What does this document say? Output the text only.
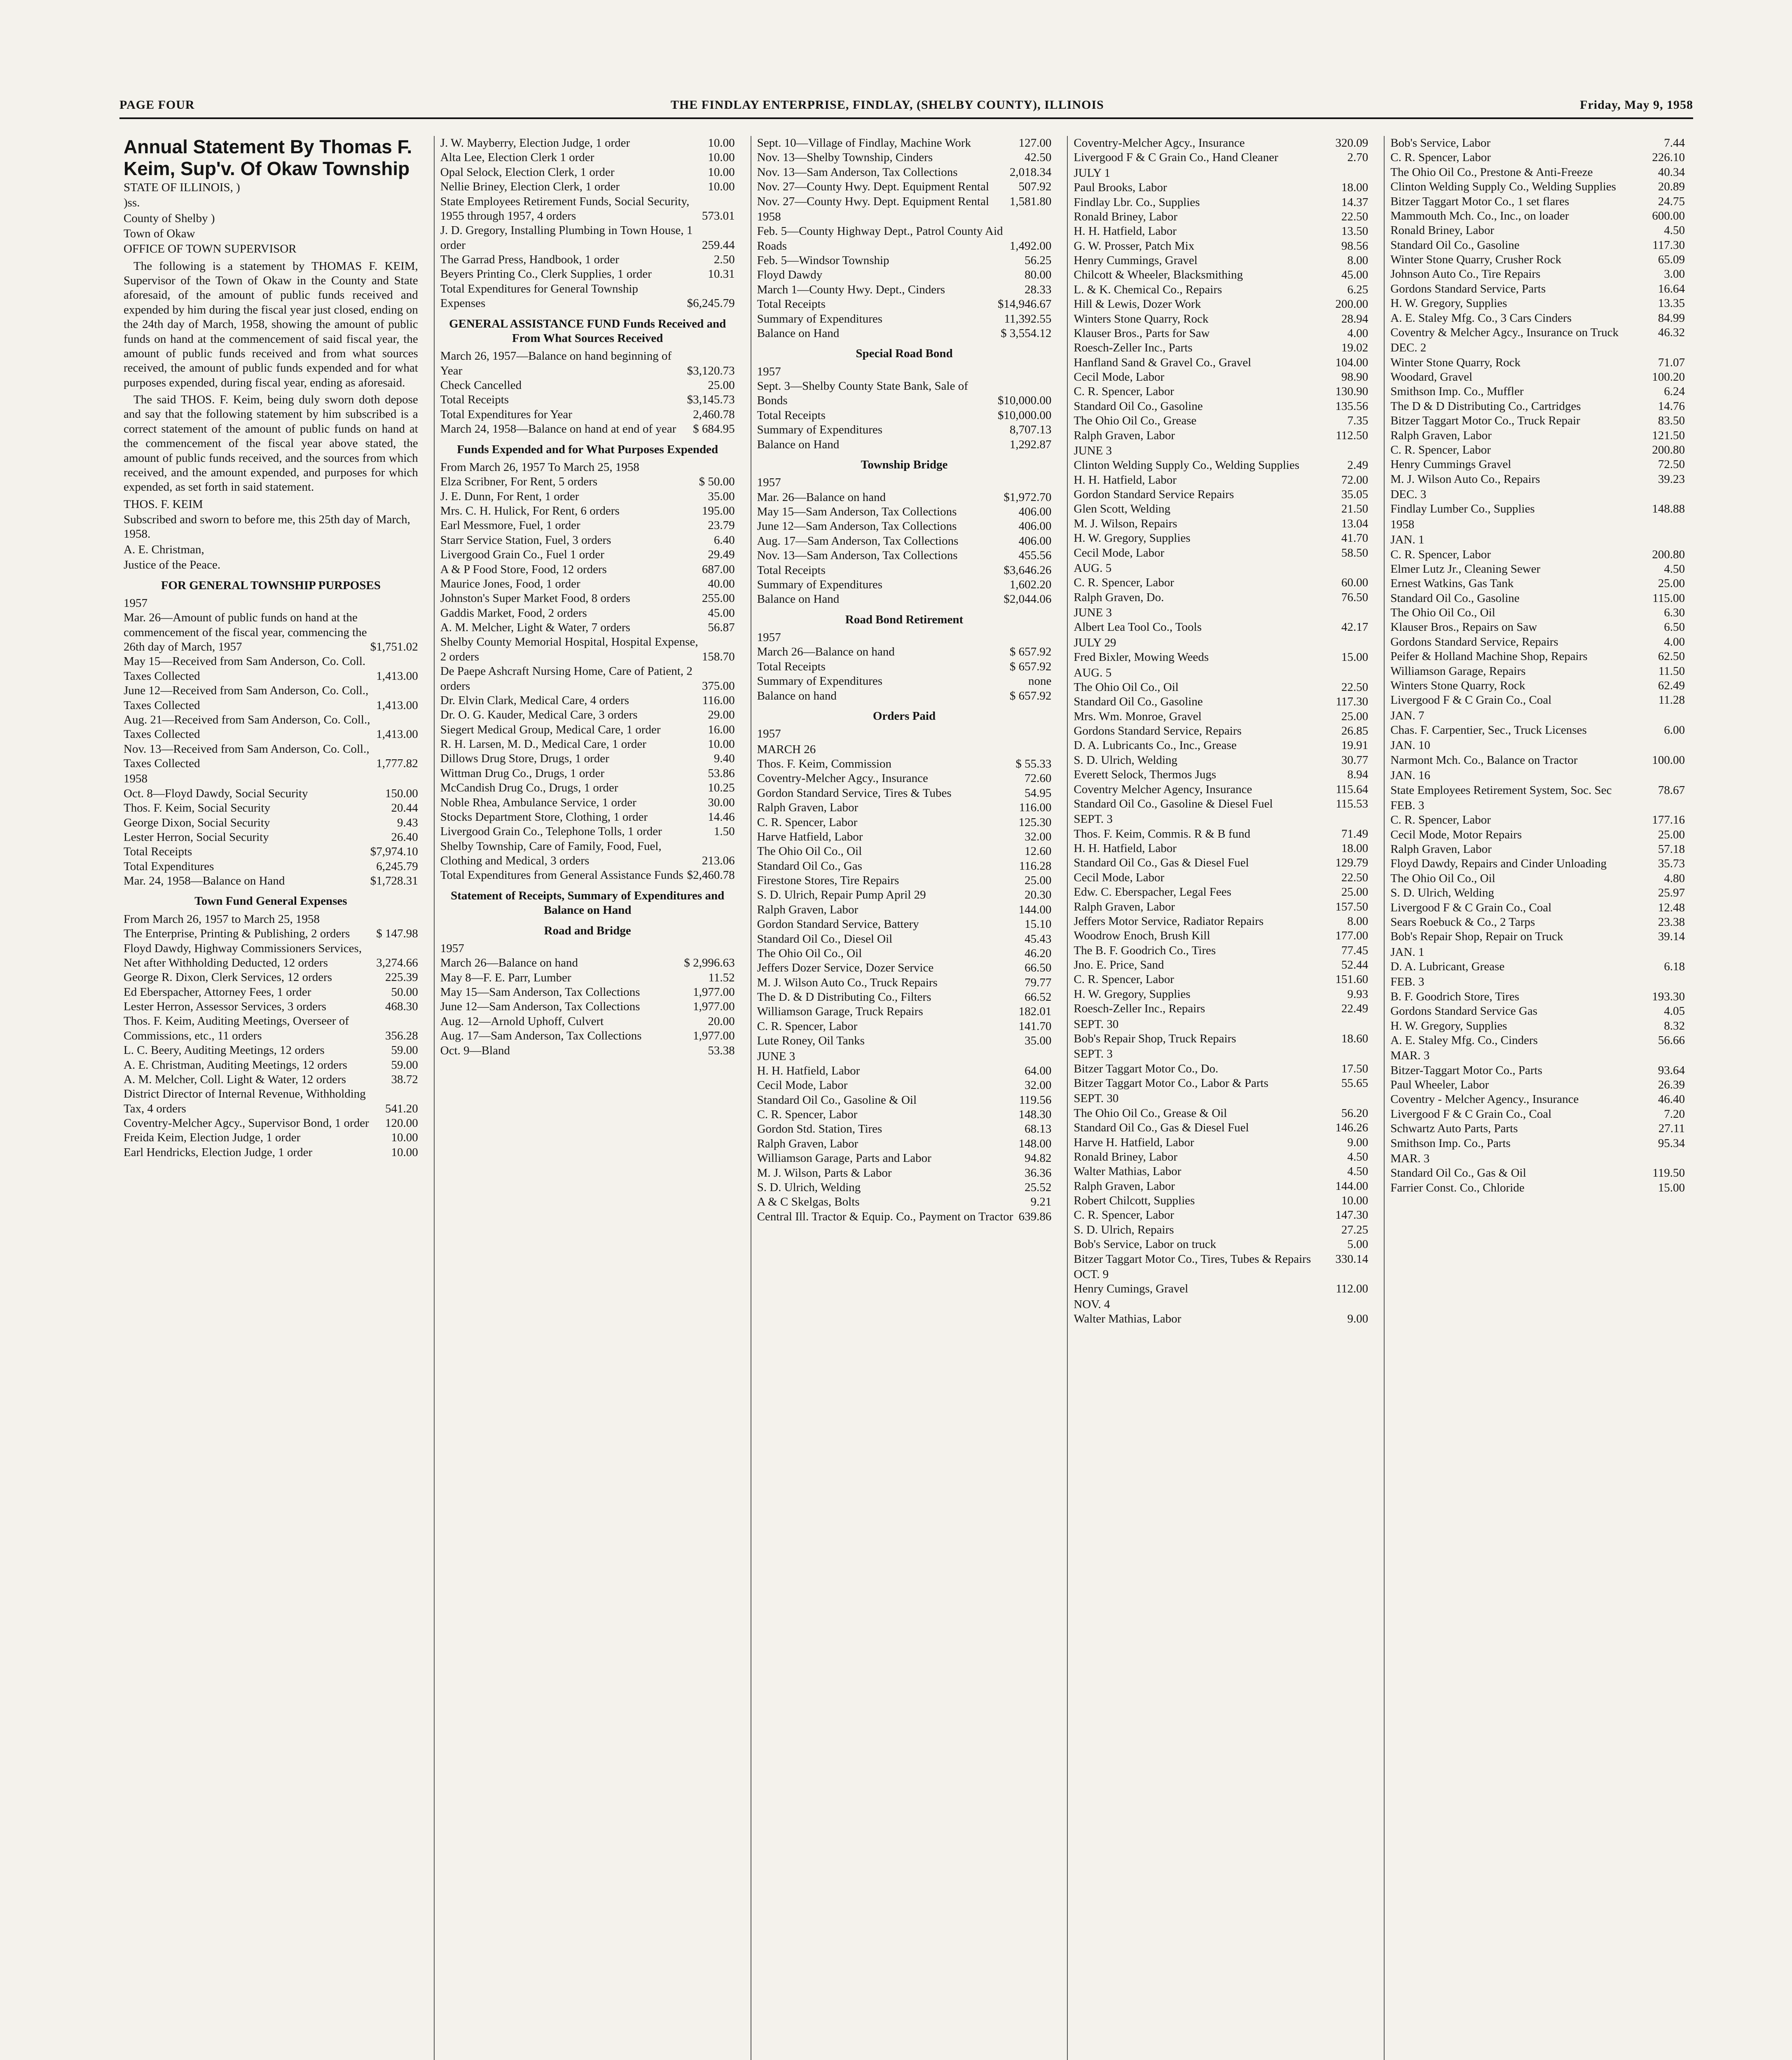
PAGE FOUR	THE FINDLAY ENTERPRISE, FINDLAY, (SHELBY COUNTY), ILLINOIS	Friday, May 9, 1958
Annual Statement By Thomas F. Keim, Sup'v. Of Okaw Township
STATE OF ILLINOIS, )
)ss.
County of Shelby )
Town of Okaw
OFFICE OF TOWN SUPERVISOR
The following is a statement by THOMAS F. KEIM, Supervisor of the Town of Okaw in the County and State aforesaid, of the amount of public funds received and expended by him during the fiscal year just closed, ending on the 24th day of March, 1958, showing the amount of public funds on hand at the commencement of said fiscal year, the amount of public funds received and from what sources received, the amount of public funds expended and for what purposes expended, during fiscal year, ending as aforesaid.
The said THOS. F. Keim, being duly sworn doth depose and say that the following statement by him subscribed is a correct statement of the amount of public funds on hand at the commencement of the fiscal year above stated, the amount of public funds received, and the sources from which received, and the amount expended, and purposes for which expended, as set forth in said statement.
THOS. F. KEIM
Subscribed and sworn to before me, this 25th day of March, 1958.
A. E. Christman,
Justice of the Peace.
FOR GENERAL TOWNSHIP PURPOSES
1957
Mar. 26—Amount of public funds on hand at the commencement of the fiscal year, commencing the 26th day of March, 1957	$1,751.02
May 15—Received from Sam Anderson, Co. Coll. Taxes Collected	1,413.00
June 12—Received from Sam Anderson, Co. Coll., Taxes Collected	1,413.00
Aug. 21—Received from Sam Anderson, Co. Coll., Taxes Collected	1,413.00
Nov. 13—Received from Sam Anderson, Co. Coll., Taxes Collected	1,777.82
1958
Oct. 8—Floyd Dawdy, Social Security	150.00
Thos. F. Keim, Social Security	20.44
George Dixon, Social Security	9.43
Lester Herron, Social Security	26.40
Total Receipts	$7,974.10
Total Expenditures	6,245.79
Mar. 24, 1958—Balance on Hand	$1,728.31
Town Fund General Expenses
From March 26, 1957 to March 25, 1958
The Enterprise, Printing & Publishing, 2 orders	$ 147.98
Floyd Dawdy, Highway Commissioners Services, Net after Withholding Deducted, 12 orders	3,274.66
George R. Dixon, Clerk Services, 12 orders	225.39
Ed Eberspacher, Attorney Fees, 1 order	50.00
Lester Herron, Assessor Services, 3 orders	468.30
Thos. F. Keim, Auditing Meetings, Overseer of Commissions, etc., 11 orders	356.28
L. C. Beery, Auditing Meetings, 12 orders	59.00
A. E. Christman, Auditing Meetings, 12 orders	59.00
A. M. Melcher, Coll. Light & Water, 12 orders	38.72
District Director of Internal Revenue, Withholding Tax, 4 orders	541.20
Coventry-Melcher Agcy., Supervisor Bond, 1 order	120.00
Freida Keim, Election Judge, 1 order	10.00
Earl Hendricks, Election Judge, 1 order	10.00
J. W. Mayberry, Election Judge, 1 order	10.00
Alta Lee, Election Clerk 1 order	10.00
Opal Selock, Election Clerk, 1 order	10.00
Nellie Briney, Election Clerk, 1 order	10.00
State Employees Retirement Funds, Social Security, 1955 through 1957, 4 orders	573.01
J. D. Gregory, Installing Plumbing in Town House, 1 order	259.44
The Garrad Press, Handbook, 1 order	2.50
Beyers Printing Co., Clerk Supplies, 1 order	10.31
Total Expenditures for General Township Expenses	$6,245.79
GENERAL ASSISTANCE FUND Funds Received and From What Sources Received
March 26, 1957—Balance on hand beginning of Year	$3,120.73
Check Cancelled	25.00
Total Receipts	$3,145.73
Total Expenditures for Year	2,460.78
March 24, 1958—Balance on hand at end of year	$ 684.95
Funds Expended and for What Purposes Expended
From March 26, 1957 To March 25, 1958
Elza Scribner, For Rent, 5 orders	$ 50.00
J. E. Dunn, For Rent, 1 order	35.00
Mrs. C. H. Hulick, For Rent, 6 orders	195.00
Earl Messmore, Fuel, 1 order	23.79
Starr Service Station, Fuel, 3 orders	6.40
Livergood Grain Co., Fuel 1 order	29.49
A & P Food Store, Food, 12 orders	687.00
Maurice Jones, Food, 1 order	40.00
Johnston's Super Market Food, 8 orders	255.00
Gaddis Market, Food, 2 orders	45.00
A. M. Melcher, Light & Water, 7 orders	56.87
Shelby County Memorial Hospital, Hospital Expense, 2 orders	158.70
De Paepe Ashcraft Nursing Home, Care of Patient, 2 orders	375.00
Dr. Elvin Clark, Medical Care, 4 orders	116.00
Dr. O. G. Kauder, Medical Care, 3 orders	29.00
Siegert Medical Group, Medical Care, 1 order	16.00
R. H. Larsen, M. D., Medical Care, 1 order	10.00
Dillows Drug Store, Drugs, 1 order	9.40
Wittman Drug Co., Drugs, 1 order	53.86
McCandish Drug Co., Drugs, 1 order	10.25
Noble Rhea, Ambulance Service, 1 order	30.00
Stocks Department Store, Clothing, 1 order	14.46
Livergood Grain Co., Telephone Tolls, 1 order	1.50
Shelby Township, Care of Family, Food, Fuel, Clothing and Medical, 3 orders	213.06
Total Expenditures from General Assistance Funds $2,460.78
Statement of Receipts, Summary of Expenditures and Balance on Hand
Road and Bridge
1957
March 26—Balance on hand	$ 2,996.63
May 8—F. E. Parr, Lumber	11.52
May 15—Sam Anderson, Tax Collections	1,977.00
June 12—Sam Anderson, Tax Collections	1,977.00
Aug. 12—Arnold Uphoff, Culvert	20.00
Aug. 17—Sam Anderson, Tax Collections	1,977.00
Oct. 9—Bland	53.38
Sept. 10—Village of Findlay, Machine Work	127.00
Nov. 13—Shelby Township, Cinders	42.50
Nov. 13—Sam Anderson, Tax Collections	2,018.34
Nov. 27—County Hwy. Dept. Equipment Rental	507.92
Nov. 27—County Hwy. Dept. Equipment Rental	1,581.80
1958
Feb. 5—County Highway Dept., Patrol County Aid Roads	1,492.00
Feb. 5—Windsor Township	56.25
Floyd Dawdy	80.00
March 1—County Hwy. Dept., Cinders	28.33
Total Receipts	$14,946.67
Summary of Expenditures	11,392.55
Balance on Hand	$ 3,554.12
Special Road Bond
1957
Sept. 3—Shelby County State Bank, Sale of Bonds	$10,000.00
Total Receipts	$10,000.00
Summary of Expenditures	8,707.13
Balance on Hand	1,292.87
Township Bridge
1957
Mar. 26—Balance on hand	$1,972.70
May 15—Sam Anderson, Tax Collections	406.00
June 12—Sam Anderson, Tax Collections	406.00
Aug. 17—Sam Anderson, Tax Collections	406.00
Nov. 13—Sam Anderson, Tax Collections	455.56
Total Receipts	$3,646.26
Summary of Expenditures	1,602.20
Balance on Hand	$2,044.06
Road Bond Retirement
1957
March 26—Balance on hand	$ 657.92
Total Receipts	$ 657.92
Summary of Expenditures	none
Balance on hand	$ 657.92
Orders Paid
1957
MARCH 26
Thos. F. Keim, Commission	$ 55.33
Coventry-Melcher Agcy., Insurance	72.60
Gordon Standard Service, Tires & Tubes	54.95
Ralph Graven, Labor	116.00
C. R. Spencer, Labor	125.30
Harve Hatfield, Labor	32.00
The Ohio Oil Co., Oil	12.60
Standard Oil Co., Gas	116.28
Firestone Stores, Tire Repairs	25.00
S. D. Ulrich, Repair Pump April 29	20.30
Ralph Graven, Labor	144.00
Gordon Standard Service, Battery	15.10
Standard Oil Co., Diesel Oil	45.43
The Ohio Oil Co., Oil	46.20
Jeffers Dozer Service, Dozer Service	66.50
M. J. Wilson Auto Co., Truck Repairs	79.77
The D. & D Distributing Co., Filters	66.52
Williamson Garage, Truck Repairs	182.01
C. R. Spencer, Labor	141.70
Lute Roney, Oil Tanks	35.00
JUNE 3
H. H. Hatfield, Labor	64.00
Cecil Mode, Labor	32.00
Standard Oil Co., Gasoline & Oil	119.56
C. R. Spencer, Labor	148.30
Gordon Std. Station, Tires	68.13
Ralph Graven, Labor	148.00
Williamson Garage, Parts and Labor	94.82
M. J. Wilson, Parts & Labor	36.36
S. D. Ulrich, Welding	25.52
A & C Skelgas, Bolts	9.21
Central Ill. Tractor & Equip. Co., Payment on Tractor 639.86
Coventry-Melcher Agcy., Insurance	320.09
Livergood F & C Grain Co., Hand Cleaner	2.70
JULY 1
Paul Brooks, Labor	18.00
Findlay Lbr. Co., Supplies	14.37
Ronald Briney, Labor	22.50
H. H. Hatfield, Labor	13.50
G. W. Prosser, Patch Mix	98.56
Henry Cummings, Gravel	8.00
Chilcott & Wheeler, Blacksmithing	45.00
L. & K. Chemical Co., Repairs	6.25
Hill & Lewis, Dozer Work	200.00
Winters Stone Quarry, Rock	28.94
Klauser Bros., Parts for Saw	4.00
Roesch-Zeller Inc., Parts	19.02
Hanfland Sand & Gravel Co., Gravel	104.00
Cecil Mode, Labor	98.90
C. R. Spencer, Labor	130.90
Standard Oil Co., Gasoline	135.56
The Ohio Oil Co., Grease	7.35
Ralph Graven, Labor	112.50
JUNE 3
Clinton Welding Supply Co., Welding Supplies	2.49
H. H. Hatfield, Labor	72.00
Gordon Standard Service Repairs	35.05
Glen Scott, Welding	21.50
M. J. Wilson, Repairs	13.04
H. W. Gregory, Supplies	41.70
Cecil Mode, Labor	58.50
AUG. 5
C. R. Spencer, Labor	60.00
Ralph Graven, Do.	76.50
JUNE 3
Albert Lea Tool Co., Tools	42.17
JULY 29
Fred Bixler, Mowing Weeds	15.00
AUG. 5
The Ohio Oil Co., Oil	22.50
Standard Oil Co., Gasoline	117.30
Mrs. Wm. Monroe, Gravel	25.00
Gordons Standard Service, Repairs	26.85
D. A. Lubricants Co., Inc., Grease	19.91
S. D. Ulrich, Welding	30.77
Everett Selock, Thermos Jugs	8.94
Coventry Melcher Agency, Insurance	115.64
Standard Oil Co., Gasoline & Diesel Fuel	115.53
SEPT. 3
Thos. F. Keim, Commis. R & B fund	71.49
H. H. Hatfield, Labor	18.00
Standard Oil Co., Gas & Diesel Fuel	129.79
Cecil Mode, Labor	22.50
Edw. C. Eberspacher, Legal Fees	25.00
Ralph Graven, Labor	157.50
Jeffers Motor Service, Radiator Repairs	8.00
Woodrow Enoch, Brush Kill	177.00
The B. F. Goodrich Co., Tires	77.45
Jno. E. Price, Sand	52.44
C. R. Spencer, Labor	151.60
H. W. Gregory, Supplies	9.93
Roesch-Zeller Inc., Repairs	22.49
SEPT. 30
Bob's Repair Shop, Truck Repairs	18.60
SEPT. 3
Bitzer Taggart Motor Co., Do.	17.50
Bitzer Taggart Motor Co., Labor & Parts	55.65
SEPT. 30
The Ohio Oil Co., Grease & Oil	56.20
Standard Oil Co., Gas & Diesel Fuel	146.26
Harve H. Hatfield, Labor	9.00
Ronald Briney, Labor	4.50
Walter Mathias, Labor	4.50
Ralph Graven, Labor	144.00
Robert Chilcott, Supplies	10.00
C. R. Spencer, Labor	147.30
S. D. Ulrich, Repairs	27.25
Bob's Service, Labor on truck	5.00
Bitzer Taggart Motor Co., Tires, Tubes & Repairs	330.14
OCT. 9
Henry Cumings, Gravel	112.00
NOV. 4
Walter Mathias, Labor	9.00
Bob's Service, Labor	7.44
C. R. Spencer, Labor	226.10
The Ohio Oil Co., Prestone & Anti-Freeze	40.34
Clinton Welding Supply Co., Welding Supplies	20.89
Bitzer Taggart Motor Co., 1 set flares	24.75
Mammouth Mch. Co., Inc., on loader	600.00
Ronald Briney, Labor	4.50
Standard Oil Co., Gasoline	117.30
Winter Stone Quarry, Crusher Rock	65.09
Johnson Auto Co., Tire Repairs	3.00
Gordons Standard Service, Parts	16.64
H. W. Gregory, Supplies	13.35
A. E. Staley Mfg. Co., 3 Cars Cinders	84.99
Coventry & Melcher Agcy., Insurance on Truck	46.32
DEC. 2
Winter Stone Quarry, Rock	71.07
Woodard, Gravel	100.20
Smithson Imp. Co., Muffler	6.24
The D & D Distributing Co., Cartridges	14.76
Bitzer Taggart Motor Co., Truck Repair	83.50
Ralph Graven, Labor	121.50
C. R. Spencer, Labor	200.80
Henry Cummings Gravel	72.50
M. J. Wilson Auto Co., Repairs	39.23
DEC. 3
Findlay Lumber Co., Supplies	148.88
1958
JAN. 1
C. R. Spencer, Labor	200.80
Elmer Lutz Jr., Cleaning Sewer	4.50
Ernest Watkins, Gas Tank	25.00
Standard Oil Co., Gasoline	115.00
The Ohio Oil Co., Oil	6.30
Klauser Bros., Repairs on Saw	6.50
Gordons Standard Service, Repairs	4.00
Peifer & Holland Machine Shop, Repairs	62.50
Williamson Garage, Repairs	11.50
Winters Stone Quarry, Rock	62.49
Livergood F & C Grain Co., Coal	11.28
JAN. 7
Chas. F. Carpentier, Sec., Truck Licenses	6.00
JAN. 10
Narmont Mch. Co., Balance on Tractor	100.00
JAN. 16
State Employees Retirement System, Soc. Sec	78.67
FEB. 3
C. R. Spencer, Labor	177.16
Cecil Mode, Motor Repairs	25.00
Ralph Graven, Labor	57.18
Floyd Dawdy, Repairs and Cinder Unloading	35.73
The Ohio Oil Co., Oil	4.80
S. D. Ulrich, Welding	25.97
Livergood F & C Grain Co., Coal	12.48
Sears Roebuck & Co., 2 Tarps	23.38
Bob's Repair Shop, Repair on Truck	39.14
JAN. 1
D. A. Lubricant, Grease	6.18
FEB. 3
B. F. Goodrich Store, Tires	193.30
Gordons Standard Service Gas	4.05
H. W. Gregory, Supplies	8.32
A. E. Staley Mfg. Co., Cinders	56.66
MAR. 3
Bitzer-Taggart Motor Co., Parts	93.64
Paul Wheeler, Labor	26.39
Coventry - Melcher Agency., Insurance	46.40
Livergood F & C Grain Co., Coal	7.20
Schwartz Auto Parts, Parts	27.11
Smithson Imp. Co., Parts	95.34
MAR. 3
Standard Oil Co., Gas & Oil	119.50
Farrier Const. Co., Chloride	15.00
